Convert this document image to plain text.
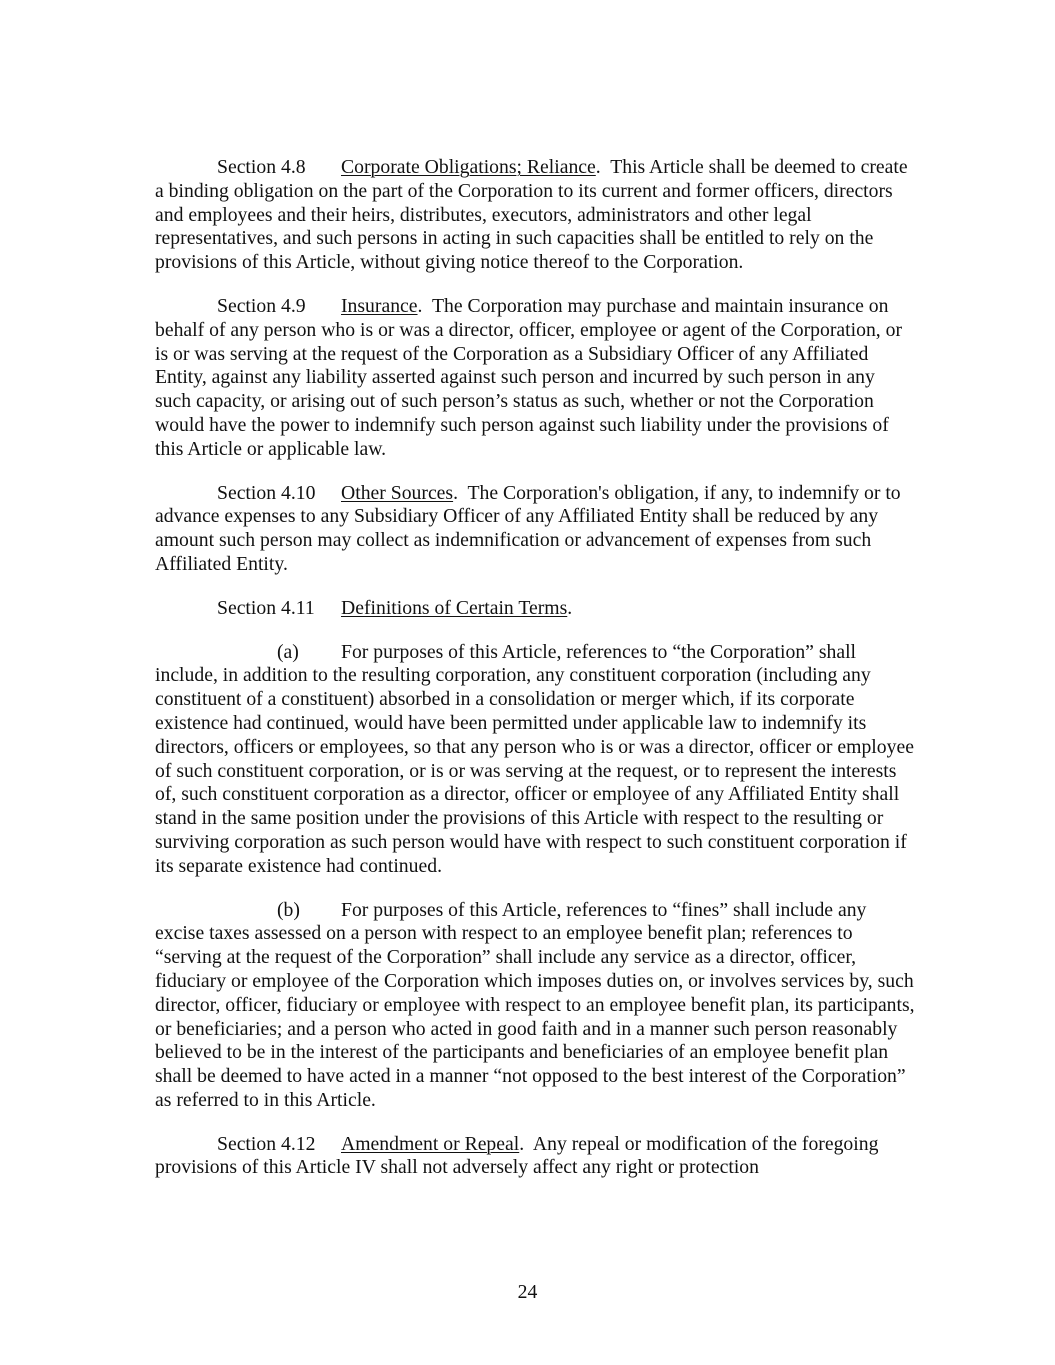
Section 4.8 Corporate Obligations; Reliance. This Article shall be deemed to create a binding obligation on the part of the Corporation to its current and former officers, directors and employees and their heirs, distributes, executors, administrators and other legal representatives, and such persons in acting in such capacities shall be entitled to rely on the provisions of this Article, without giving notice thereof to the Corporation.

Section 4.9 Insurance. The Corporation may purchase and maintain insurance on behalf of any person who is or was a director, officer, employee or agent of the Corporation, or is or was serving at the request of the Corporation as a Subsidiary Officer of any Affiliated Entity, against any liability asserted against such person and incurred by such person in any such capacity, or arising out of such person’s status as such, whether or not the Corporation would have the power to indemnify such person against such liability under the provisions of this Article or applicable law.

Section 4.10 Other Sources. The Corporation's obligation, if any, to indemnify or to advance expenses to any Subsidiary Officer of any Affiliated Entity shall be reduced by any amount such person may collect as indemnification or advancement of expenses from such Affiliated Entity.

Section 4.11 Definitions of Certain Terms.

(a) For purposes of this Article, references to “the Corporation” shall include, in addition to the resulting corporation, any constituent corporation (including any constituent of a constituent) absorbed in a consolidation or merger which, if its corporate existence had continued, would have been permitted under applicable law to indemnify its directors, officers or employees, so that any person who is or was a director, officer or employee of such constituent corporation, or is or was serving at the request, or to represent the interests of, such constituent corporation as a director, officer or employee of any Affiliated Entity shall stand in the same position under the provisions of this Article with respect to the resulting or surviving corporation as such person would have with respect to such constituent corporation if its separate existence had continued.

(b) For purposes of this Article, references to “fines” shall include any excise taxes assessed on a person with respect to an employee benefit plan; references to “serving at the request of the Corporation” shall include any service as a director, officer, fiduciary or employee of the Corporation which imposes duties on, or involves services by, such director, officer, fiduciary or employee with respect to an employee benefit plan, its participants, or beneficiaries; and a person who acted in good faith and in a manner such person reasonably believed to be in the interest of the participants and beneficiaries of an employee benefit plan shall be deemed to have acted in a manner “not opposed to the best interest of the Corporation” as referred to in this Article.

Section 4.12 Amendment or Repeal. Any repeal or modification of the foregoing provisions of this Article IV shall not adversely affect any right or protection

24
